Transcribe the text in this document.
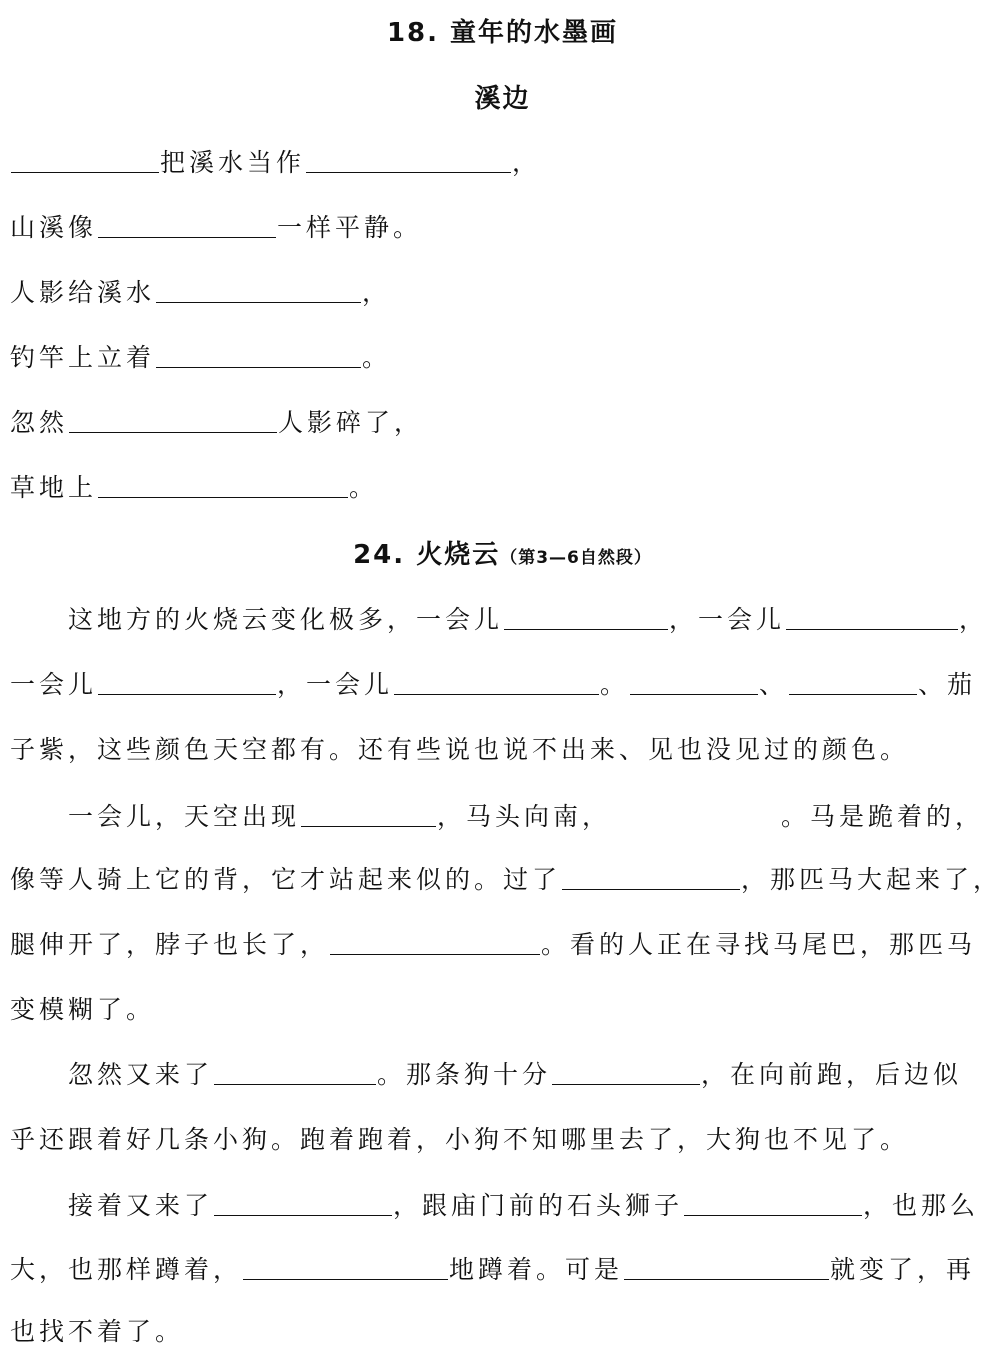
18. 童年的水墨画
溪边
把溪水当作	，
山溪像	一样平静。
人影给溪水	，
钓竿上立着	。
忽然	人影碎了，
草地上	。
24. 火烧云（第3—6自然段）
这地方的火烧云变化极多，一会儿	，一会儿	，
一会儿	，一会儿	。	、	、茄
子紫，这些颜色天空都有。还有些说也说不出来、见也没见过的颜色。
一会儿，天空出现	，马头向南，	。马是跪着的，
像等人骑上它的背，它才站起来似的。过了	，那匹马大起来了，
腿伸开了，脖子也长了，	。看的人正在寻找马尾巴，那匹马
变模糊了。
忽然又来了	。那条狗十分	，在向前跑，后边似
乎还跟着好几条小狗。跑着跑着，小狗不知哪里去了，大狗也不见了。
接着又来了	，跟庙门前的石头狮子	，也那么
大，也那样蹲着，	地蹲着。可是	就变了，再
也找不着了。
